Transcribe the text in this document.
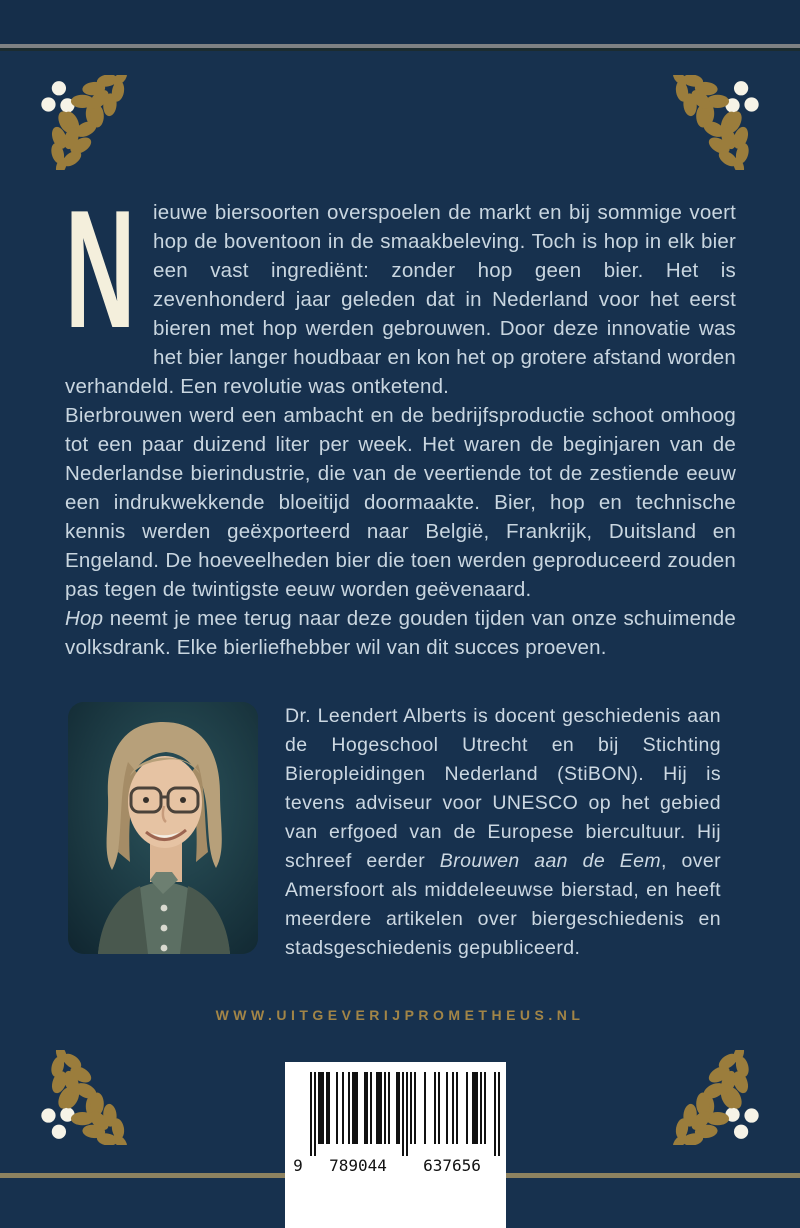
N ieuwe biersoorten overspoelen de markt en bij sommige voert hop de boventoon in de smaakbeleving. Toch is hop in elk bier een vast ingrediënt: zonder hop geen bier. Het is zevenhonderd jaar geleden dat in Nederland voor het eerst bieren met hop werden gebrouwen. Door deze innovatie was het bier langer houdbaar en kon het op grotere afstand worden verhandeld. Een revolutie was ontketend.

Bierbrouwen werd een ambacht en de bedrijfsproductie schoot omhoog tot een paar duizend liter per week. Het waren de beginjaren van de Nederlandse bierindustrie, die van de veertiende tot de zestiende eeuw een indrukwekkende bloeitijd doormaakte. Bier, hop en technische kennis werden geëxporteerd naar België, Frankrijk, Duitsland en Engeland. De hoeveelheden bier die toen werden geproduceerd zouden pas tegen de twintigste eeuw worden geëvenaard.

Hop neemt je mee terug naar deze gouden tijden van onze schuimende volksdrank. Elke bierliefhebber wil van dit succes proeven.

Dr. Leendert Alberts is docent geschiedenis aan de Hogeschool Utrecht en bij Stichting Bieropleidingen Nederland (StiBON). Hij is tevens adviseur voor UNESCO op het gebied van erfgoed van de Europese biercultuur. Hij schreef eerder Brouwen aan de Eem, over Amersfoort als middeleeuwse bierstad, en heeft meerdere artikelen over biergeschiedenis en stadsgeschiedenis gepubliceerd.

WWW.UITGEVERIJPROMETHEUS.NL
9 789044 637656
